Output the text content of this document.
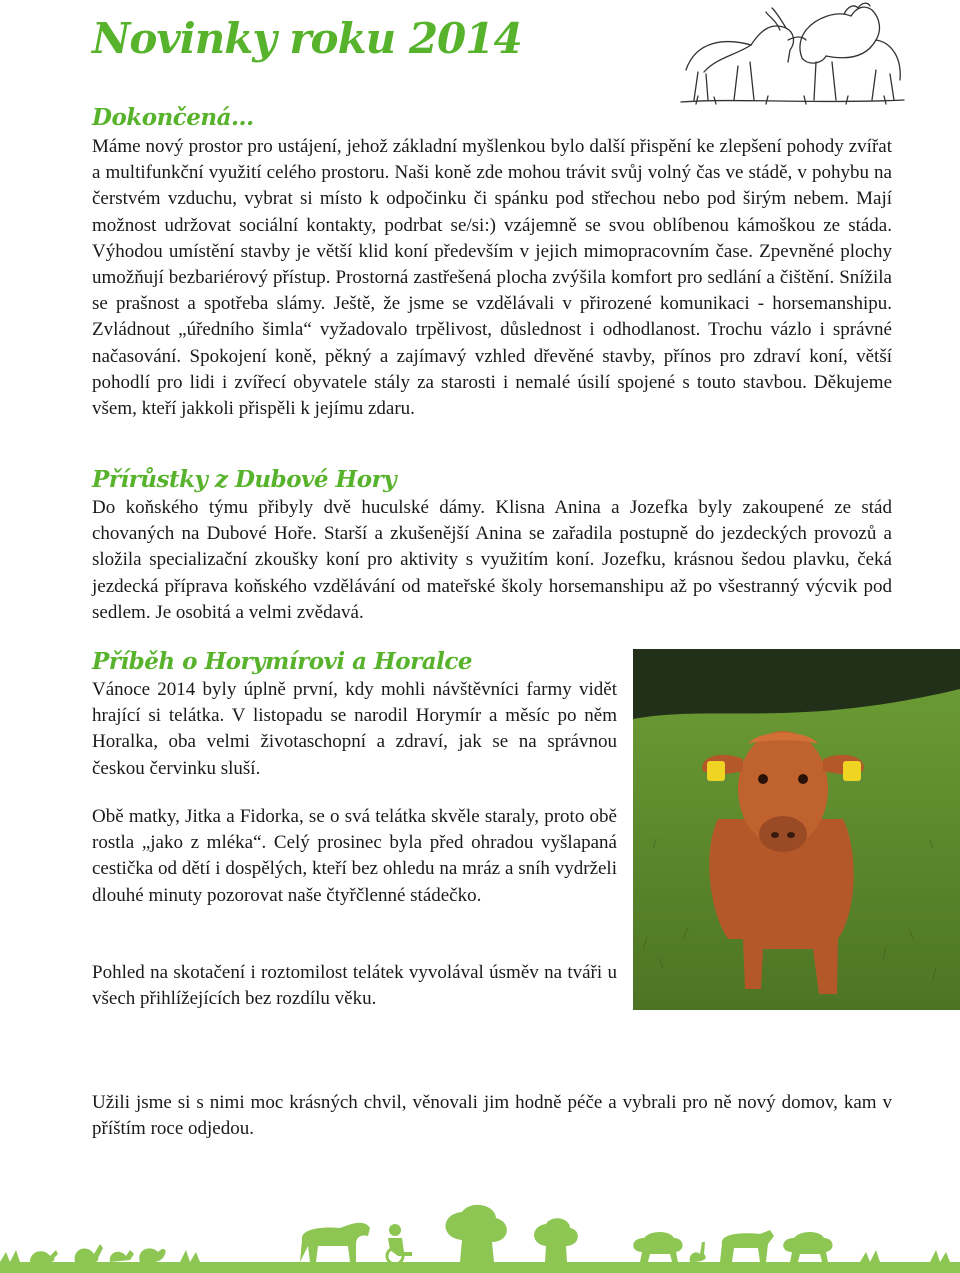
Novinky roku 2014
Dokončená...

Máme nový prostor pro ustájení, jehož základní myšlenkou bylo další přispění ke zlepšení pohody zvířat a multifunkční využití celého prostoru. Naši koně zde mohou trávit svůj volný čas ve stádě, v pohybu na čerstvém vzduchu, vybrat si místo k odpočinku či spánku pod střechou nebo pod širým nebem. Mají možnost udržovat sociální kontakty, podrbat se/si:) vzájemně se svou oblíbenou kámoškou ze stáda. Výhodou umístění stavby je větší klid koní především v jejich mimopracovním čase. Zpevněné plochy umožňují bezbariérový přístup. Prostorná zastřešená plocha zvýšila komfort pro sedlání a čištění. Snížila se prašnost a spotřeba slámy. Ještě, že jsme se vzdělávali v přirozené komunikaci - horsemanshipu. Zvládnout „úředního šimla“ vyžadovalo trpělivost, důslednost i odhodlanost. Trochu vázlo i správné načasování. Spokojení koně, pěkný a zajímavý vzhled dřevěné stavby, přínos pro zdraví koní, větší pohodlí pro lidi i zvířecí obyvatele stály za starosti i nemalé úsilí spojené s touto stavbou. Děkujeme všem, kteří jakkoli přispěli k jejímu zdaru.

Přírůstky z Dubové Hory

Do koňského týmu přibyly dvě huculské dámy. Klisna Anina a Jozefka byly zakoupené ze stád chovaných na Dubové Hoře. Starší a zkušenější Anina se zařadila postupně do jezdeckých provozů a složila specializační zkoušky koní pro aktivity s využitím koní. Jozefku, krásnou šedou plavku, čeká jezdecká příprava koňského vzdělávání od mateřské školy horsemanshipu až po všestranný výcvik pod sedlem. Je osobitá a velmi zvědavá.

Příběh o Horymírovi a Horalce

Vánoce 2014 byly úplně první, kdy mohli návštěvníci farmy vidět hrající si telátka. V listopadu se narodil Horymír a měsíc po něm Horalka, oba velmi životaschopní a zdraví, jak se na správnou českou červinku sluší.

Obě matky, Jitka a Fidorka, se o svá telátka skvěle staraly, proto obě rostla „jako z mléka“. Celý prosinec byla před ohradou vyšlapaná cestička od dětí i dospělých, kteří bez ohledu na mráz a sníh vydrželi dlouhé minuty pozorovat naše čtyřčlenné stádečko.

Pohled na skotačení i roztomilost telátek vyvolával úsměv na tváři u všech přihlížejících bez rozdílu věku.

Užili jsme si s nimi moc krásných chvil, věnovali jim hodně péče a vybrali pro ně nový domov, kam v příštím roce odjedou.
